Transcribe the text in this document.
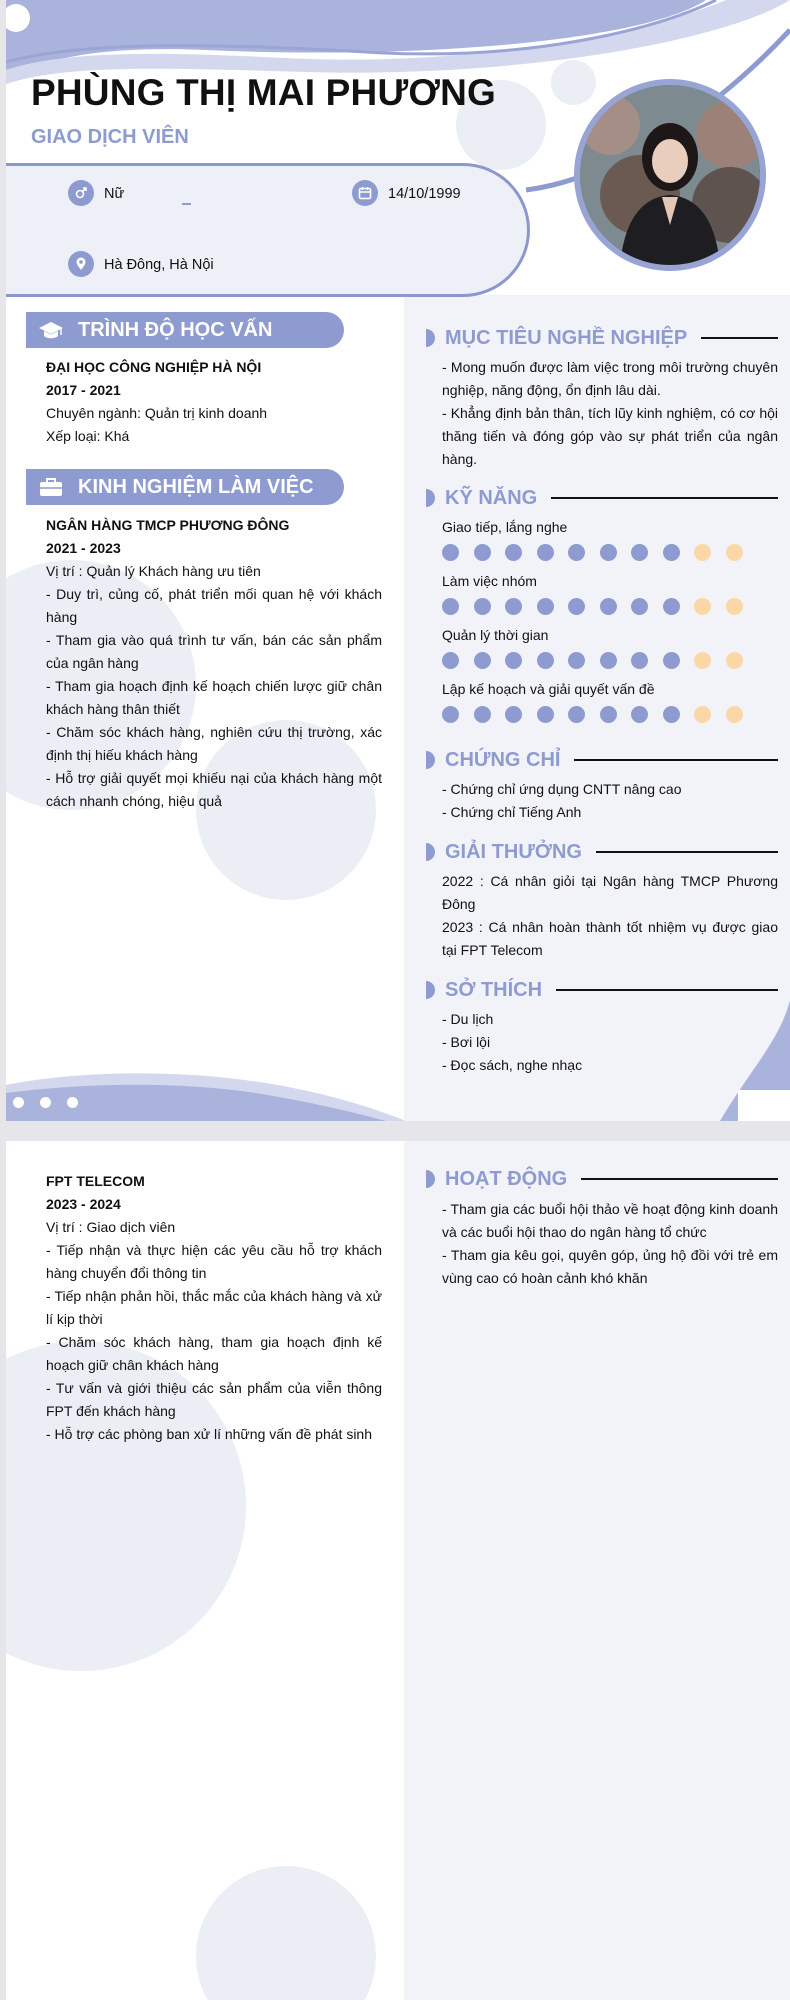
PHÙNG THỊ MAI PHƯƠNG
GIAO DỊCH VIÊN
Nữ	14/10/1999
Hà Đông, Hà Nội
TRÌNH ĐỘ HỌC VẤN
ĐẠI HỌC CÔNG NGHIỆP HÀ NỘI
2017 - 2021
Chuyên ngành: Quản trị kinh doanh
Xếp loại: Khá
KINH NGHIỆM LÀM VIỆC
NGÂN HÀNG TMCP PHƯƠNG ĐÔNG
2021 - 2023
Vị trí : Quản lý Khách hàng ưu tiên
- Duy trì, củng cố, phát triển mối quan hệ với khách hàng
- Tham gia vào quá trình tư vấn, bán các sản phẩm của ngân hàng
- Tham gia hoạch định kế hoạch chiến lược giữ chân khách hàng thân thiết
- Chăm sóc khách hàng, nghiên cứu thị trường, xác định thị hiếu khách hàng
- Hỗ trợ giải quyết mọi khiếu nại của khách hàng một cách nhanh chóng, hiệu quả
MỤC TIÊU NGHỀ NGHIỆP
- Mong muốn được làm việc trong môi trường chuyên nghiệp, năng động, ổn định lâu dài.
- Khẳng định bản thân, tích lũy kinh nghiệm, có cơ hội thăng tiến và đóng góp vào sự phát triển của ngân hàng.
KỸ NĂNG
Giao tiếp, lắng nghe
Làm việc nhóm
Quản lý thời gian
Lập kế hoạch và giải quyết vấn đề
CHỨNG CHỈ
- Chứng chỉ ứng dụng CNTT nâng cao
- Chứng chỉ Tiếng Anh
GIẢI THƯỞNG
2022 : Cá nhân giỏi tại Ngân hàng TMCP Phương Đông
2023 : Cá nhân hoàn thành tốt nhiệm vụ được giao tại FPT Telecom
SỞ THÍCH
- Du lịch
- Bơi lội
- Đọc sách, nghe nhạc
FPT TELECOM
2023 - 2024
Vị trí : Giao dịch viên
- Tiếp nhận và thực hiện các yêu cầu hỗ trợ khách hàng chuyển đổi thông tin
- Tiếp nhận phản hồi, thắc mắc của khách hàng và xử lí kịp thời
- Chăm sóc khách hàng, tham gia hoạch định kế hoạch giữ chân khách hàng
- Tư vấn và giới thiệu các sản phẩm của viễn thông FPT đến khách hàng
- Hỗ trợ các phòng ban xử lí những vấn đề phát sinh
HOẠT ĐỘNG
- Tham gia các buổi hội thảo về hoạt động kinh doanh và các buổi hội thao do ngân hàng tổ chức
- Tham gia kêu gọi, quyên góp, ủng hộ đồi với trẻ em vùng cao có hoàn cảnh khó khăn
